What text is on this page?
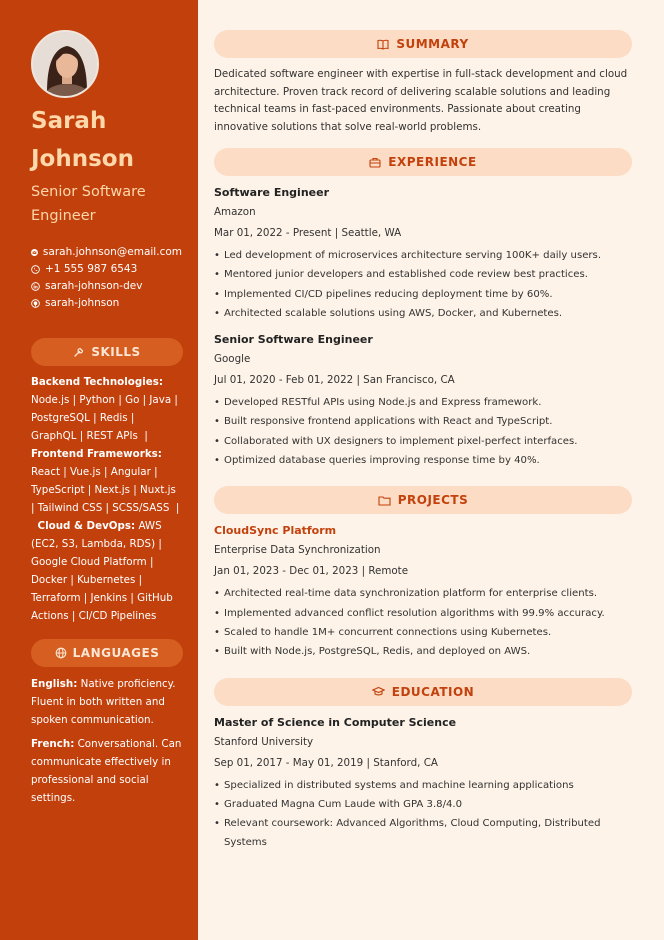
Sarah
Johnson
Senior Software
Engineer
sarah.johnson@email.com
+1 555 987 6543
sarah-johnson-dev
sarah-johnson
SKILLS
Backend Technologies: Node.js | Python | Go | Java | PostgreSQL | Redis | GraphQL | REST APIs  |  Frontend Frameworks: React | Vue.js | Angular | TypeScript | Next.js | Nuxt.js | Tailwind CSS | SCSS/SASS  |  Cloud & DevOps: AWS (EC2, S3, Lambda, RDS) | Google Cloud Platform | Docker | Kubernetes | Terraform | Jenkins | GitHub Actions | CI/CD Pipelines
LANGUAGES
English: Native proficiency. Fluent in both written and spoken communication.
French: Conversational. Can communicate effectively in professional and social settings.
SUMMARY
Dedicated software engineer with expertise in full-stack development and cloud architecture. Proven track record of delivering scalable solutions and leading technical teams in fast-paced environments. Passionate about creating innovative solutions that solve real-world problems.
EXPERIENCE
Software Engineer
Amazon
Mar 01, 2022 - Present | Seattle, WA
• Led development of microservices architecture serving 100K+ daily users.
• Mentored junior developers and established code review best practices.
• Implemented CI/CD pipelines reducing deployment time by 60%.
• Architected scalable solutions using AWS, Docker, and Kubernetes.
Senior Software Engineer
Google
Jul 01, 2020 - Feb 01, 2022 | San Francisco, CA
• Developed RESTful APIs using Node.js and Express framework.
• Built responsive frontend applications with React and TypeScript.
• Collaborated with UX designers to implement pixel-perfect interfaces.
• Optimized database queries improving response time by 40%.
PROJECTS
CloudSync Platform
Enterprise Data Synchronization
Jan 01, 2023 - Dec 01, 2023 | Remote
• Architected real-time data synchronization platform for enterprise clients.
• Implemented advanced conflict resolution algorithms with 99.9% accuracy.
• Scaled to handle 1M+ concurrent connections using Kubernetes.
• Built with Node.js, PostgreSQL, Redis, and deployed on AWS.
EDUCATION
Master of Science in Computer Science
Stanford University
Sep 01, 2017 - May 01, 2019 | Stanford, CA
• Specialized in distributed systems and machine learning applications
• Graduated Magna Cum Laude with GPA 3.8/4.0
• Relevant coursework: Advanced Algorithms, Cloud Computing, Distributed Systems
